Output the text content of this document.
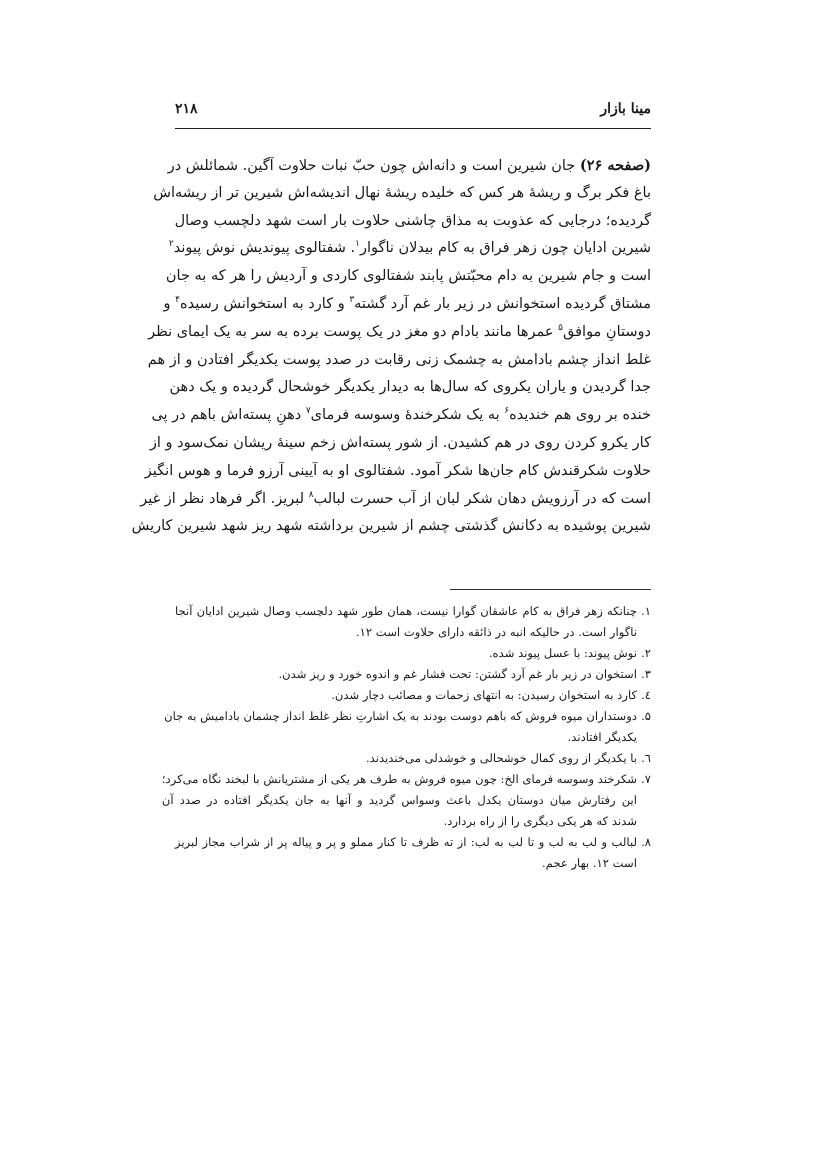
مینا بازار
۲۱۸
(صفحه ۲۶) جان شیرین است و دانه‌اش چون حبّ نبات حلاوت آگین. شمائلش در
باغ فکر برگ و ریشهٔ هر کس که خلیده ریشهٔ نهال اندیشه‌اش شیرین تر از ریشه‌اش
گردیده؛ درجایی که عذوبت به مذاق چاشنی حلاوت بار است شهد دلچسب وصال
شیرین ادایان چون زهر فراق به کام بیدلان ناگوار$^۱$. شفتالوی پیوندیش نوش پیوند$^۲$
است و جام شیرین به دام محبّتش پابند شفتالوی کاردی و آردیش را هر که به جان
مشتاق گردیده استخوانش در زیر بار غم آرد گشته$^۳$ و کارد به استخوانش رسیده$^۴$ و
دوستانِ موافق$^۵$ عمرها مانند بادام دو مغز در یک پوست برده به سر به یک ایمای نظر
غلط انداز چشم بادامش به چشمک زنی رقابت در صدد پوست یکدیگر افتادن و از هم
جدا گردیدن و یاران یکروی که سال‌ها به دیدار یکدیگر خوشحال گردیده و یک دهن
خنده بر روی هم خندیده$^۶$ به یک شکرخندهٔ وسوسه فرمای$^۷$ دهنِ پسته‌اش باهم در پی
کار یکرو کردن روی در هم کشیدن. از شور پسته‌اش زخم سینهٔ ریشان نمک‌سود و از
حلاوت شکرقندش کام جان‌ها شکر آمود. شفتالوی او به آیینی آرزو فرما و هوس انگیز
است که در آرزویش دهان شکر لبان از آب حسرت لبالب$^۸$ لبریز. اگر فرهاد نظر از غیر
شیرین پوشیده به دکانش گذشتی چشم از شیرین برداشته شهد ریز شهد شیرین کاریش
۱.
چنانکه زهر فراق به کام عاشقان گوارا نیست، همان طور شهد دلچسب وصال شیرین ادایان آنجا
ناگوار است. در حالیکه انبه در ذائقه دارای حلاوت است ۱۲.
۲.
نوش پیوند: با عسل پیوند شده.
۳.
استخوان در زیر بار غم آرد گشتن: تحت فشار غم و اندوه خورد و ریز شدن.
٤.
کارد به استخوان رسیدن: به انتهای زحمات و مصائب دچار شدن.
۵.
دوستداران میوه فروش که باهم دوست بودند به یک اشارتِ نظر غلط انداز چشمان بادامیش به جان
یکدیگر افتادند.
٦.
با یکدیگر از روی کمال خوشحالی و خوشدلی می‌خندیدند.
۷.
شکرخند وسوسه فرمای الخ: چون میوه فروش به طرف هر یکی از مشتریانش با لبخند نگاه می‌کرد؛
این رفتارش میان دوستان یکدل باعث وسواس گردید و آنها به جان یکدیگر افتاده در صدد آن
شدند که هر یکی دیگری را از راه بردارد.
۸.
لبالب و لب به لب و تا لب به لب: از ته ظرف تا کنار مملو و پر و پیاله پر از شراب مجاز لبریز
است ۱۲. بهار عجم.
